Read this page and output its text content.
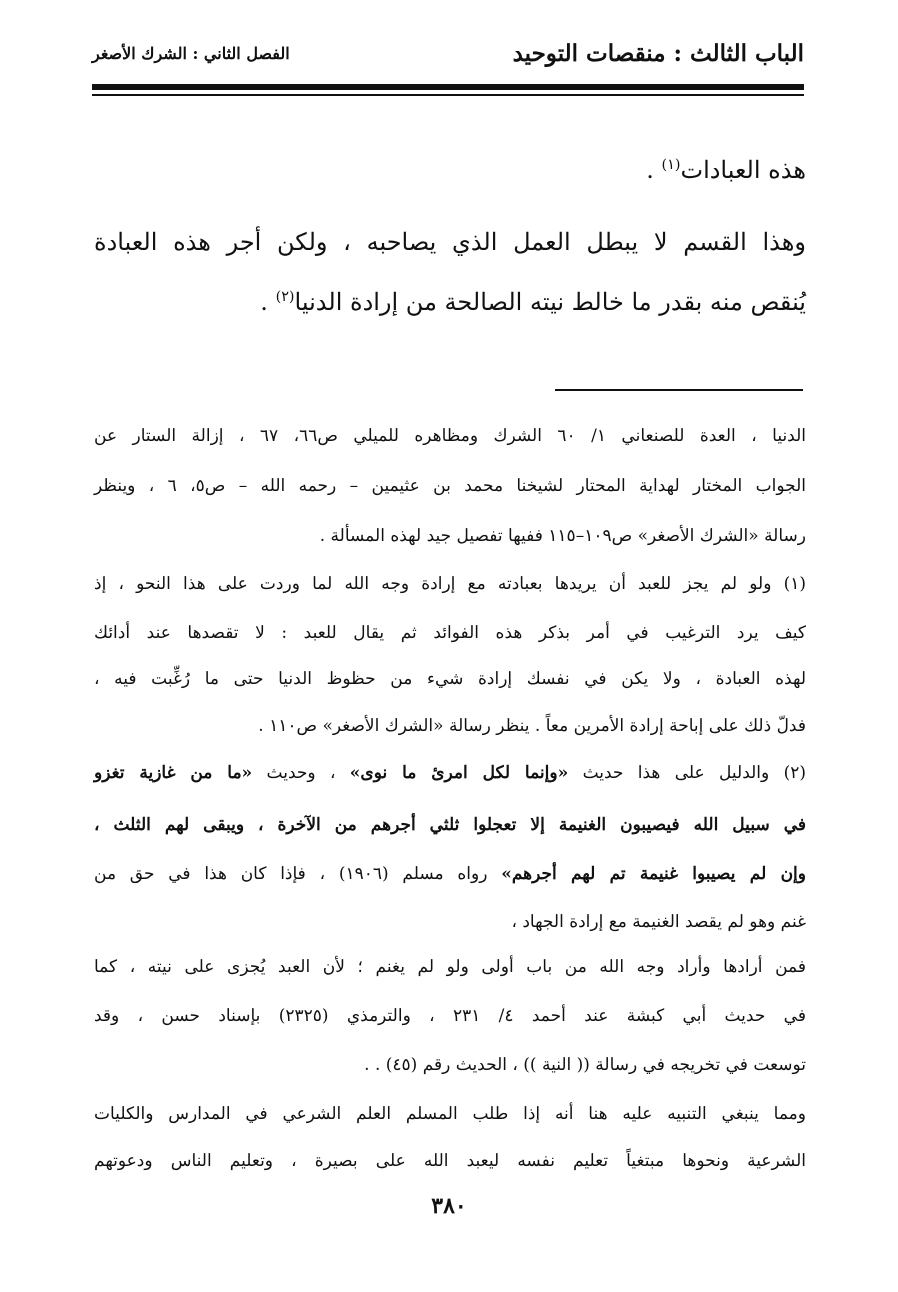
الباب الثالث : منقصات التوحيد
الفصل الثاني : الشرك الأصغر
هذه العبادات$^{(١)}$ .
وهذا القسم لا يبطل العمل الذي يصاحبه ، ولكن أجر هذه العبادة
يُنقص منه بقدر ما خالط نيته الصالحة من إرادة الدنيا$^{(٢)}$ .
الدنيا ، العدة للصنعاني ١/ ٦٠ الشرك ومظاهره للميلي ص٦٦، ٦٧ ، إزالة الستار عن
الجواب المختار لهداية المحتار لشيخنا محمد بن عثيمين – رحمه الله – ص٥، ٦ ، وينظر
رسالة «الشرك الأصغر» ص١٠٩–١١٥ ففيها تفصيل جيد لهذه المسألة .
(١) ولو لم يجز للعبد أن يريدها بعبادته مع إرادة وجه الله لما وردت على هذا النحو ، إذ
كيف يرد الترغيب في أمر بذكر هذه الفوائد ثم يقال للعبد : لا تقصدها عند أدائك
لهذه العبادة ، ولا يكن في نفسك إرادة شيء من حظوظ الدنيا حتى ما رُغِّبت فيه ،
فدلّ ذلك على إباحة إرادة الأمرين معاً . ينظر رسالة «الشرك الأصغر» ص١١٠ .
(٢) والدليل على هذا حديث «وإنما لكل امرئ ما نوى» ، وحديث «ما من غازية تغزو
في سبيل الله فيصيبون الغنيمة إلا تعجلوا ثلثي أجرهم من الآخرة ، ويبقى لهم الثلث ،
وإن لم يصيبوا غنيمة تم لهم أجرهم» رواه مسلم (١٩٠٦) ، فإذا كان هذا في حق من
غنم وهو لم يقصد الغنيمة مع إرادة الجهاد ،
فمن أرادها وأراد وجه الله من باب أولى ولو لم يغنم ؛ لأن العبد يُجزى على نيته ، كما
في حديث أبي كبشة عند أحمد ٤/ ٢٣١ ، والترمذي (٢٣٢٥) بإسناد حسن ، وقد
توسعت في تخريجه في رسالة (( النية )) ، الحديث رقم (٤٥) . .
ومما ينبغي التنبيه عليه هنا أنه إذا طلب المسلم العلم الشرعي في المدارس والكليات
الشرعية ونحوها مبتغياً تعليم نفسه ليعبد الله على بصيرة ، وتعليم الناس ودعوتهم
٣٨٠
